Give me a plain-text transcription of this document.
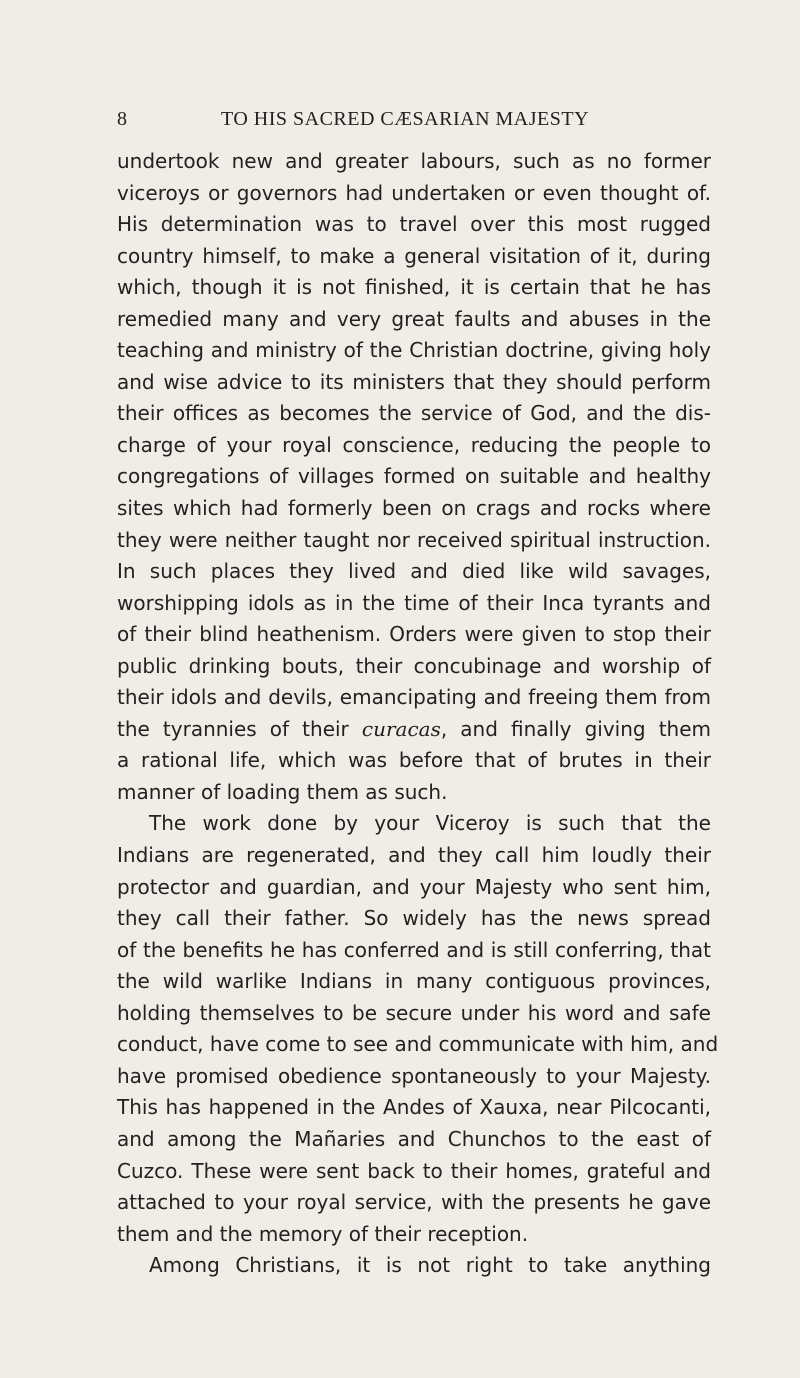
8	TO HIS SACRED CÆSARIAN MAJESTY
undertook new and greater labours, such as no former
viceroys or governors had undertaken or even thought of.
His determination was to travel over this most rugged
country himself, to make a general visitation of it, during
which, though it is not finished, it is certain that he has
remedied many and very great faults and abuses in the
teaching and ministry of the Christian doctrine, giving holy
and wise advice to its ministers that they should perform
their offices as becomes the service of God, and the dis-
charge of your royal conscience, reducing the people to
congregations of villages formed on suitable and healthy
sites which had formerly been on crags and rocks where
they were neither taught nor received spiritual instruction.
In such places they lived and died like wild savages,
worshipping idols as in the time of their Inca tyrants and
of their blind heathenism. Orders were given to stop their
public drinking bouts, their concubinage and worship of
their idols and devils, emancipating and freeing them from
the tyrannies of their curacas, and finally giving them
a rational life, which was before that of brutes in their
manner of loading them as such.
The work done by your Viceroy is such that the
Indians are regenerated, and they call him loudly their
protector and guardian, and your Majesty who sent him,
they call their father. So widely has the news spread
of the benefits he has conferred and is still conferring, that
the wild warlike Indians in many contiguous provinces,
holding themselves to be secure under his word and safe
conduct, have come to see and communicate with him, and
have promised obedience spontaneously to your Majesty.
This has happened in the Andes of Xauxa, near Pilcocanti,
and among the Mañaries and Chunchos to the east of
Cuzco. These were sent back to their homes, grateful and
attached to your royal service, with the presents he gave
them and the memory of their reception.
Among Christians, it is not right to take anything
